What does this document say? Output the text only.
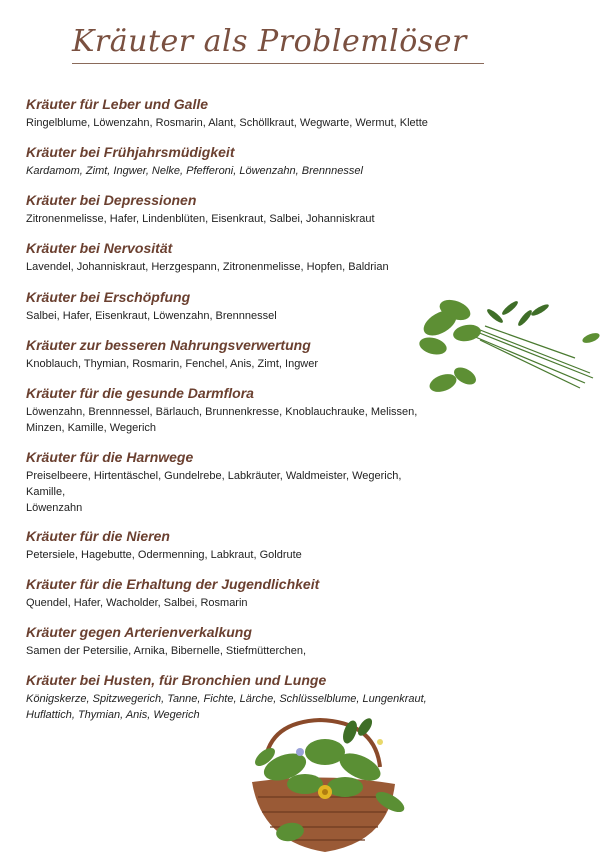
Kräuter als Problemlöser
Kräuter für Leber und Galle
Ringelblume, Löwenzahn, Rosmarin, Alant, Schöllkraut, Wegwarte, Wermut, Klette
Kräuter bei Frühjahrsmüdigkeit
Kardamom, Zimt, Ingwer, Nelke, Pfefferoni, Löwenzahn, Brennnessel
Kräuter bei Depressionen
Zitronenmelisse, Hafer, Lindenblüten, Eisenkraut, Salbei, Johanniskraut
Kräuter bei Nervosität
Lavendel, Johanniskraut, Herzgespann, Zitronenmelisse, Hopfen, Baldrian
Kräuter bei Erschöpfung
Salbei, Hafer, Eisenkraut, Löwenzahn, Brennnessel
Kräuter zur besseren Nahrungsverwertung
Knoblauch, Thymian, Rosmarin, Fenchel, Anis, Zimt, Ingwer
Kräuter für die gesunde Darmflora
Löwenzahn, Brennnessel, Bärlauch, Brunnenkresse, Knoblauchrauke, Melissen,
Minzen, Kamille, Wegerich
Kräuter für die Harnwege
Preiselbeere, Hirtentäschel, Gundelrebe, Labkräuter, Waldmeister, Wegerich,
Kamille,
Löwenzahn
Kräuter für die Nieren
Petersiele, Hagebutte, Odermenning, Labkraut, Goldrute
Kräuter für die Erhaltung der Jugendlichkeit
Quendel, Hafer, Wacholder, Salbei, Rosmarin
Kräuter gegen Arterienverkalkung
Samen der Petersilie, Arnika, Bibernelle, Stiefmütterchen,
Kräuter bei Husten, für Bronchien und Lunge
Königskerze, Spitzwegerich, Tanne, Fichte, Lärche, Schlüsselblume, Lungenkraut,
Huflattich, Thymian, Anis, Wegerich
